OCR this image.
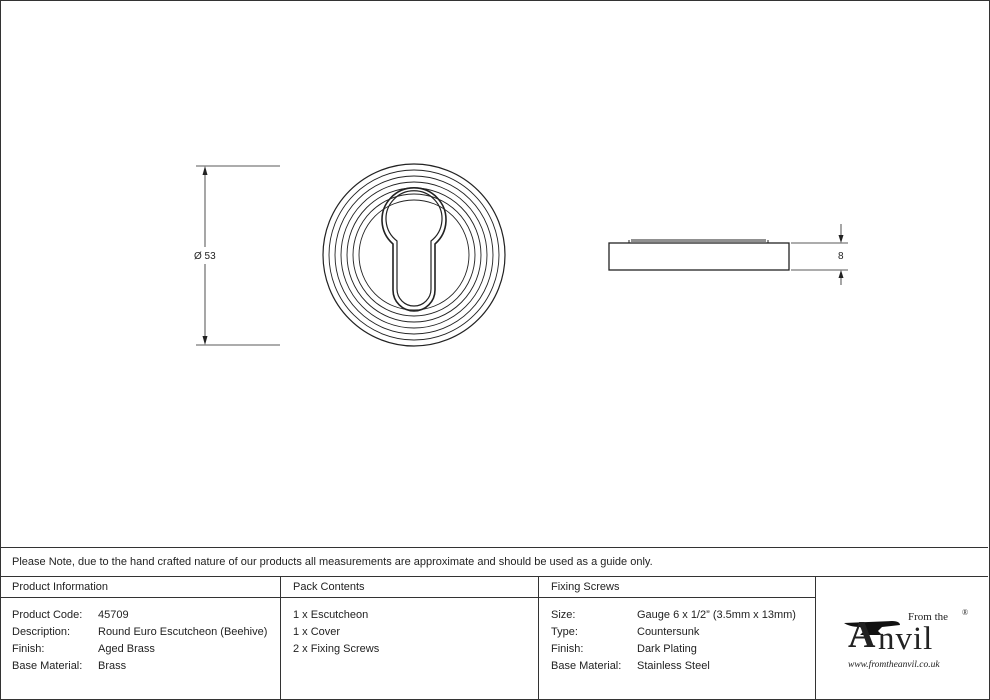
Ø 53	8
Please Note, due to the hand crafted nature of our products all measurements are approximate and should be used as a guide only.
Product Information
Product Code: 45709
Description:	Round Euro Escutcheon (Beehive)
Finish:	Aged Brass
Base Material: Brass
Pack Contents
1 x Escutcheon
1 x Cover
2 x Fixing Screws
Fixing Screws
Size:	Gauge 6 x 1/2” (3.5mm x 13mm)
Type:	Countersunk
Finish:	Dark Plating
Base Material: Stainless Steel
From the ®
A nvil
www.fromtheanvil.co.uk
